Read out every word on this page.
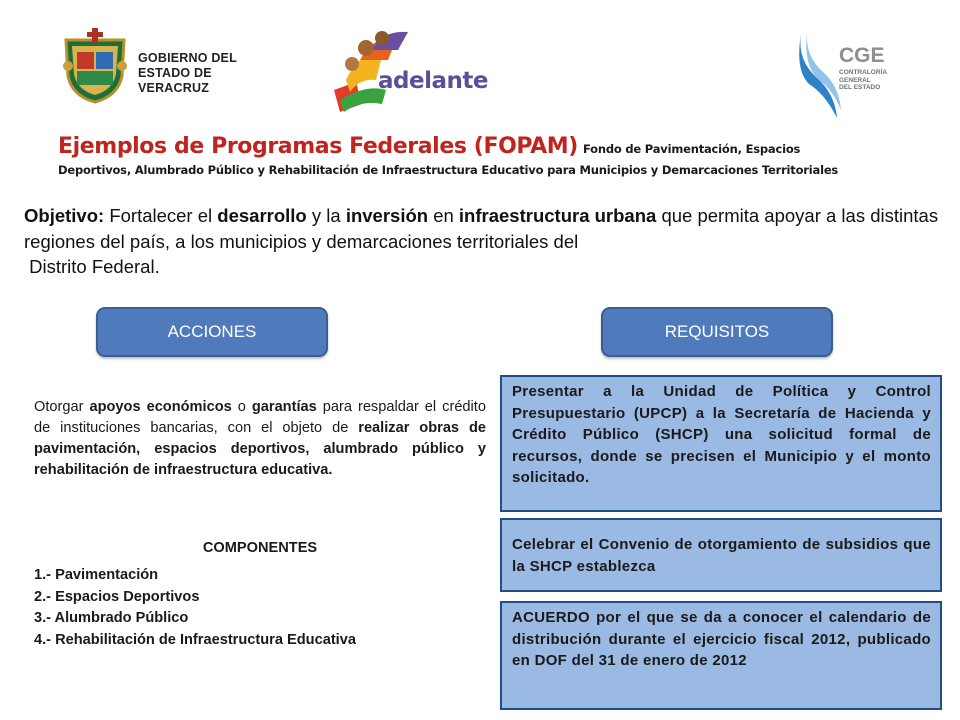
GOBIERNO DEL
ESTADO DE VERACRUZ	adelante
CGE
CONTRALORÍA GENERAL
DEL ESTADO
Ejemplos de Programas Federales (FOPAM) Fondo de Pavimentación, Espacios
Deportivos, Alumbrado Público y Rehabilitación de Infraestructura Educativo para Municipios y Demarcaciones Territoriales
Objetivo: Fortalecer el desarrollo y la inversión en infraestructura urbana que permita apoyar a las distintas regiones del país, a los municipios y demarcaciones territoriales del
Distrito Federal.
ACCIONES	REQUISITOS
Otorgar apoyos económicos o garantías para respaldar el crédito de instituciones bancarias, con el objeto de realizar obras de pavimentación, espacios deportivos, alumbrado público y rehabilitación de infraestructura educativa.
COMPONENTES
1.- Pavimentación
2.- Espacios Deportivos
3.- Alumbrado Público
4.- Rehabilitación de Infraestructura Educativa
Presentar a la Unidad de Política y Control Presupuestario (UPCP) a la Secretaría de Hacienda y Crédito Público (SHCP) una solicitud formal de recursos, donde se precisen el Municipio y el monto solicitado.
Celebrar el Convenio de otorgamiento de subsidios que la SHCP establezca
ACUERDO por el que se da a conocer el calendario de distribución durante el ejercicio fiscal 2012, publicado en DOF del 31 de enero de 2012
